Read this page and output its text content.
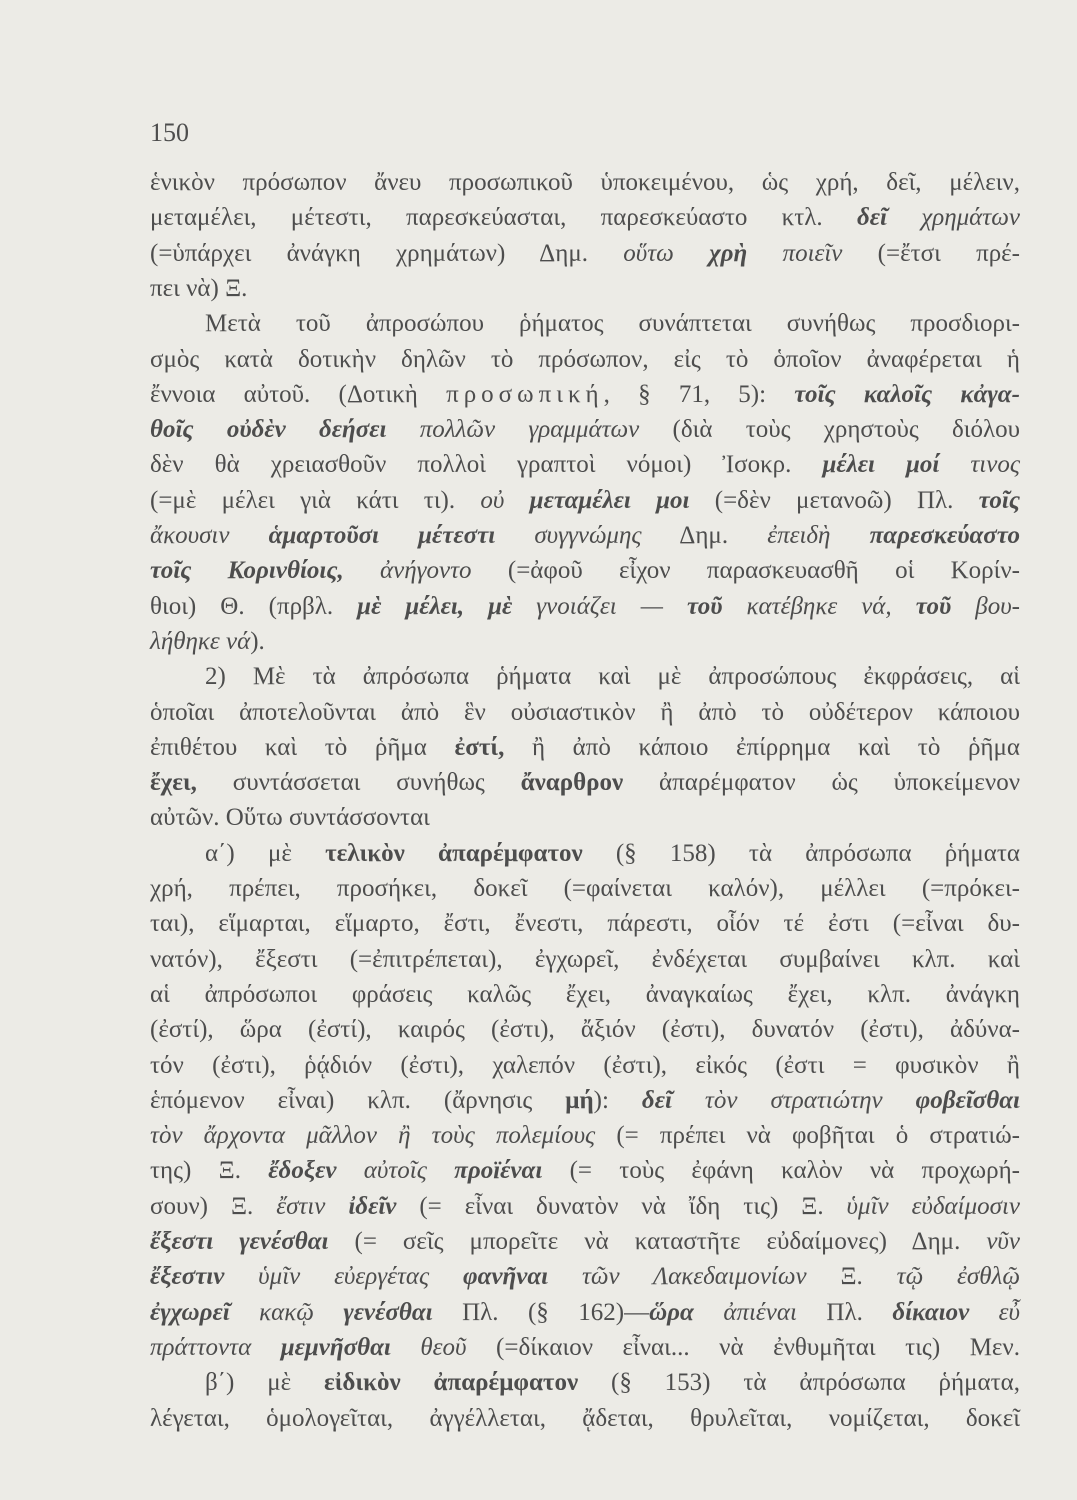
150
ἑνικὸν πρόσωπον ἄνευ προσωπικοῦ ὑποκειμένου, ὡς χρή, δεῖ, μέλειν,
μεταμέλει, μέτεστι, παρεσκεύασται, παρεσκεύαστο κτλ. δεῖ χρημάτων
(=ὑπάρχει ἀνάγκη χρημάτων) Δημ. οὕτω χρὴ ποιεῖν (=ἔτσι πρέ-
πει νὰ) Ξ.
Μετὰ τοῦ ἀπροσώπου ῥήματος συνάπτεται συνήθως προσδιορι-
σμὸς κατὰ δοτικὴν δηλῶν τὸ πρόσωπον, εἰς τὸ ὁποῖον ἀναφέρεται ἡ
ἔννοια αὐτοῦ. (Δοτικὴ προσωπική, § 71, 5): τοῖς καλοῖς κἀγα-
θοῖς οὐδὲν δεήσει πολλῶν γραμμάτων (διὰ τοὺς χρηστοὺς διόλου
δὲν θὰ χρειασθοῦν πολλοὶ γραπτοὶ νόμοι) Ἰσοκρ. μέλει μοί τινος
(=μὲ μέλει γιὰ κάτι τι). οὐ μεταμέλει μοι (=δὲν μετανοῶ) Πλ. τοῖς
ἄκουσιν ἁμαρτοῦσι μέτεστι συγγνώμης Δημ. ἐπειδὴ παρεσκεύαστο
τοῖς Κορινθίοις, ἀνήγοντο (=ἀφοῦ εἶχον παρασκευασθῆ οἱ Κορίν-
θιοι) Θ. (πρβλ. μὲ μέλει, μὲ γνοιάζει — τοῦ κατέβηκε νά, τοῦ βου-
λήθηκε νά).
2) Μὲ τὰ ἀπρόσωπα ῥήματα καὶ μὲ ἀπροσώπους ἐκφράσεις, αἱ
ὁποῖαι ἀποτελοῦνται ἀπὸ ἓν οὐσιαστικὸν ἢ ἀπὸ τὸ οὐδέτερον κάποιου
ἐπιθέτου καὶ τὸ ῥῆμα ἐστί, ἢ ἀπὸ κάποιο ἐπίρρημα καὶ τὸ ῥῆμα
ἔχει, συντάσσεται συνήθως ἄναρθρον ἀπαρέμφατον ὡς ὑποκείμενον
αὐτῶν. Οὕτω συντάσσονται
α΄) μὲ τελικὸν ἀπαρέμφατον (§ 158) τὰ ἀπρόσωπα ῥήματα
χρή, πρέπει, προσήκει, δοκεῖ (=φαίνεται καλόν), μέλλει (=πρόκει-
ται), εἵμαρται, εἵμαρτο, ἔστι, ἔνεστι, πάρεστι, οἷόν τέ ἐστι (=εἶναι δυ-
νατόν), ἔξεστι (=ἐπιτρέπεται), ἐγχωρεῖ, ἐνδέχεται συμβαίνει κλπ. καὶ
αἱ ἀπρόσωποι φράσεις καλῶς ἔχει, ἀναγκαίως ἔχει, κλπ. ἀνάγκη
(ἐστί), ὥρα (ἐστί), καιρός (ἐστι), ἄξιόν (ἐστι), δυνατόν (ἐστι), ἀδύνα-
τόν (ἐστι), ῥᾴδιόν (ἐστι), χαλεπόν (ἐστι), εἰκός (ἐστι = φυσικὸν ἢ
ἑπόμενον εἶναι) κλπ. (ἄρνησις μή): δεῖ τὸν στρατιώτην φοβεῖσθαι
τὸν ἄρχοντα μᾶλλον ἢ τοὺς πολεμίους (= πρέπει νὰ φοβῆται ὁ στρατιώ-
της) Ξ. ἔδοξεν αὐτοῖς προϊέναι (= τοὺς ἐφάνη καλὸν νὰ προχωρή-
σουν) Ξ. ἔστιν ἰδεῖν (= εἶναι δυνατὸν νὰ ἴδη τις) Ξ. ὑμῖν εὐδαίμοσιν
ἔξεστι γενέσθαι (= σεῖς μπορεῖτε νὰ καταστῆτε εὐδαίμονες) Δημ. νῦν
ἔξεστιν ὑμῖν εὐεργέτας φανῆναι τῶν Λακεδαιμονίων Ξ. τῷ ἐσθλῷ
ἐγχωρεῖ κακῷ γενέσθαι Πλ. (§ 162)—ὥρα ἀπιέναι Πλ. δίκαιον εὖ
πράττοντα μεμνῆσθαι θεοῦ (=δίκαιον εἶναι... νὰ ἐνθυμῆται τις) Μεν.
β΄) μὲ εἰδικὸν ἀπαρέμφατον (§ 153) τὰ ἀπρόσωπα ῥήματα,
λέγεται, ὁμολογεῖται, ἀγγέλλεται, ᾄδεται, θρυλεῖται, νομίζεται, δοκεῖ
